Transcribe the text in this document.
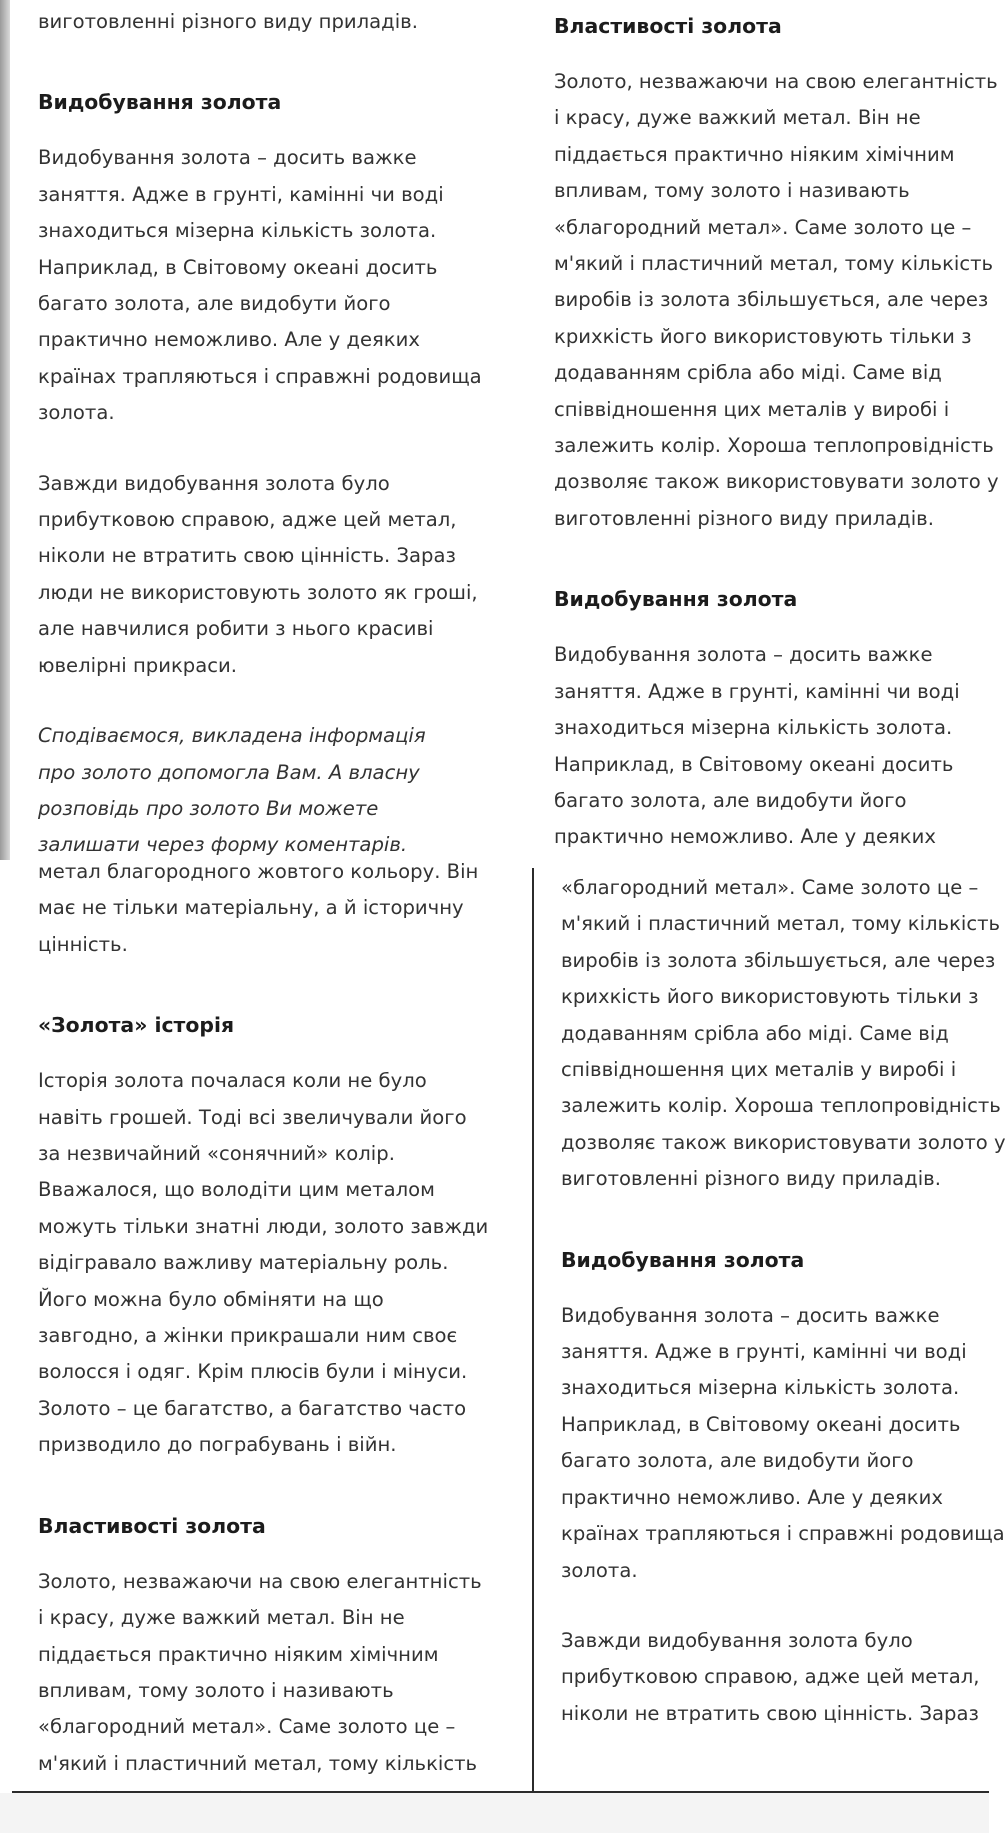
виготовленні різного виду приладів.
Видобування золота
Видобування золота – досить важке
заняття. Адже в грунті, камінні чи воді
знаходиться мізерна кількість золота.
Наприклад, в Світовому океані досить
багато золота, але видобути його
практично неможливо. Але у деяких
країнах трапляються і справжні родовища
золота.
Завжди видобування золота було
прибутковою справою, адже цей метал,
ніколи не втратить свою цінність. Зараз
люди не використовують золото як гроші,
але навчилися робити з нього красиві
ювелірні прикраси.
Сподіваємося, викладена інформація
про золото допомогла Вам. А власну
розповідь про золото Ви можете
залишати через форму коментарів.
Властивості золота
Золото, незважаючи на свою елегантність
і красу, дуже важкий метал. Він не
піддається практично ніяким хімічним
впливам, тому золото і називають
«благородний метал». Саме золото це –
м'який і пластичний метал, тому кількість
виробів із золота збільшується, але через
крихкість його використовують тільки з
додаванням срібла або міді. Саме від
співвідношення цих металів у виробі і
залежить колір. Хороша теплопровідність
дозволяє також використовувати золото у
виготовленні різного виду приладів.
Видобування золота
Видобування золота – досить важке
заняття. Адже в грунті, камінні чи воді
знаходиться мізерна кількість золота.
Наприклад, в Світовому океані досить
багато золота, але видобути його
практично неможливо. Але у деяких
метал благородного жовтого кольору. Він
має не тільки матеріальну, а й історичну
цінність.
«Золота» історія
Історія золота почалася коли не було
навіть грошей. Тоді всі звеличували його
за незвичайний «сонячний» колір.
Вважалося, що володіти цим металом
можуть тільки знатні люди, золото завжди
відігравало важливу матеріальну роль.
Його можна було обміняти на що
завгодно, а жінки прикрашали ним своє
волосся і одяг. Крім плюсів були і мінуси.
Золото – це багатство, а багатство часто
призводило до пограбувань і війн.
Властивості золота
Золото, незважаючи на свою елегантність
і красу, дуже важкий метал. Він не
піддається практично ніяким хімічним
впливам, тому золото і називають
«благородний метал». Саме золото це –
м'який і пластичний метал, тому кількість
«благородний метал». Саме золото це –
м'який і пластичний метал, тому кількість
виробів із золота збільшується, але через
крихкість його використовують тільки з
додаванням срібла або міді. Саме від
співвідношення цих металів у виробі і
залежить колір. Хороша теплопровідність
дозволяє також використовувати золото у
виготовленні різного виду приладів.
Видобування золота
Видобування золота – досить важке
заняття. Адже в грунті, камінні чи воді
знаходиться мізерна кількість золота.
Наприклад, в Світовому океані досить
багато золота, але видобути його
практично неможливо. Але у деяких
країнах трапляються і справжні родовища
золота.
Завжди видобування золота було
прибутковою справою, адже цей метал,
ніколи не втратить свою цінність. Зараз
